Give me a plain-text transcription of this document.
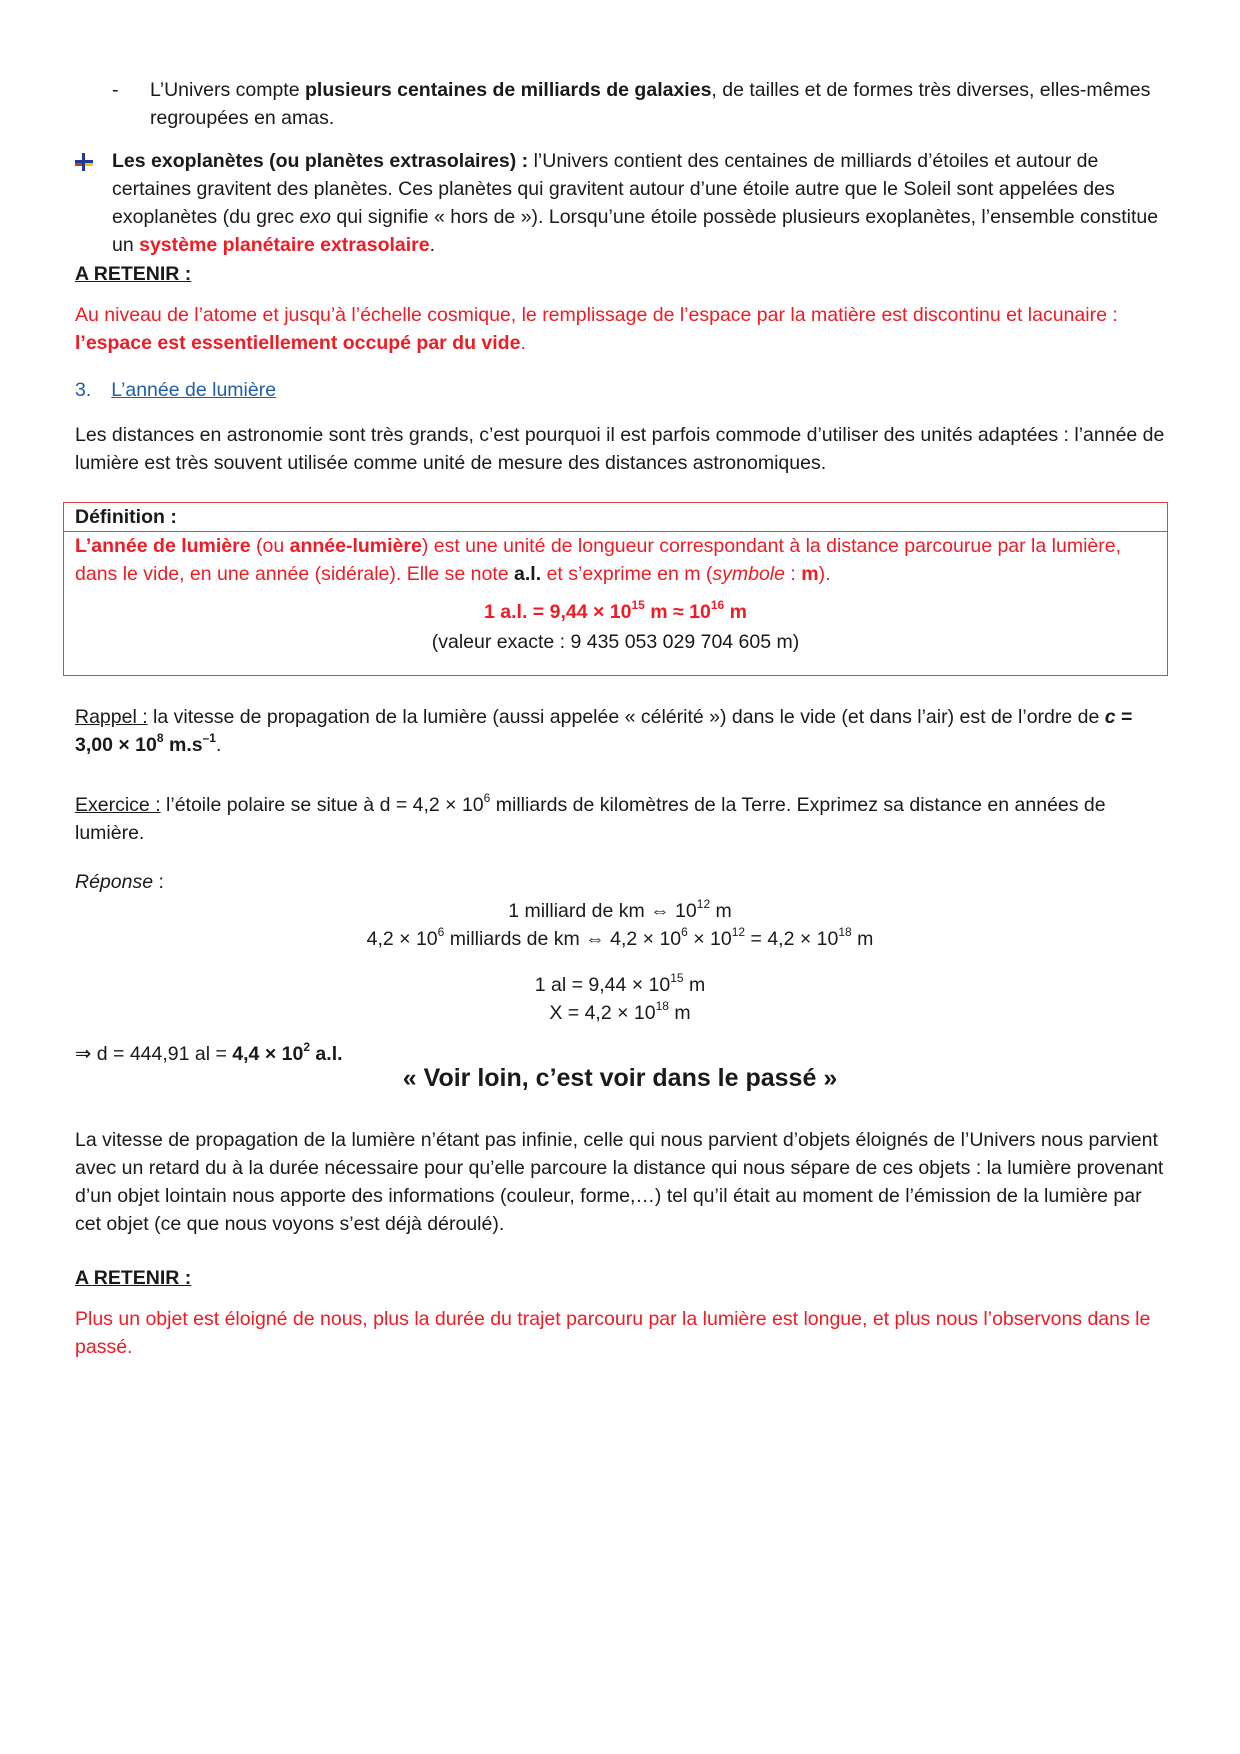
- L’Univers compte plusieurs centaines de milliards de galaxies, de tailles et de formes très diverses, elles-mêmes regroupées en amas.
Les exoplanètes (ou planètes extrasolaires) : l’Univers contient des centaines de milliards d’étoiles et autour de certaines gravitent des planètes. Ces planètes qui gravitent autour d’une étoile autre que le Soleil sont appelées des exoplanètes (du grec exo qui signifie « hors de »). Lorsqu’une étoile possède plusieurs exoplanètes, l’ensemble constitue un système planétaire extrasolaire.
A RETENIR :
Au niveau de l’atome et jusqu’à l’échelle cosmique, le remplissage de l’espace par la matière est discontinu et lacunaire : l’espace est essentiellement occupé par du vide.
3. L’année de lumière
Les distances en astronomie sont très grands, c’est pourquoi il est parfois commode d’utiliser des unités adaptées : l’année de lumière est très souvent utilisée comme unité de mesure des distances astronomiques.
Définition :
L’année de lumière (ou année-lumière) est une unité de longueur correspondant à la distance parcourue par la lumière, dans le vide, en une année (sidérale). Elle se note a.l. et s’exprime en m (symbole : m).
1 a.l. = $9,44 \times 10^{15}$ $m \approx 10^{16}$ m
(valeur exacte : 9 435 053 029 704 605 m)
Rappel : la vitesse de propagation de la lumière (aussi appelée « célérité ») dans le vide (et dans l’air) est de l’ordre de $c = 3,00 \times 10^8$ $m.s^{-1}$.
Exercice : l’étoile polaire se situe à $d = 4,2 \times 10^6$ milliards de kilomètres de la Terre. Exprimez sa distance en années de lumière.
Réponse :
1 milliard de km ⇔ $10^{12}$ m
$4,2 \times 10^6$ milliards de km ⇔ $4,2 \times 10^6 \times 10^{12} = 4,2 \times 10^{18}$ m
1 al = $9,44 \times 10^{15}$ m
$X = 4,2 \times 10^{18}$ m
⇒ d = 444,91 al = $4,4 \times 10^2$ a.l.
« Voir loin, c’est voir dans le passé »
La vitesse de propagation de la lumière n’étant pas infinie, celle qui nous parvient d’objets éloignés de l’Univers nous parvient avec un retard du à la durée nécessaire pour qu’elle parcoure la distance qui nous sépare de ces objets : la lumière provenant d’un objet lointain nous apporte des informations (couleur, forme,…) tel qu’il était au moment de l’émission de la lumière par cet objet (ce que nous voyons s’est déjà déroulé).
A RETENIR :
Plus un objet est éloigné de nous, plus la durée du trajet parcouru par la lumière est longue, et plus nous l’observons dans le passé.
